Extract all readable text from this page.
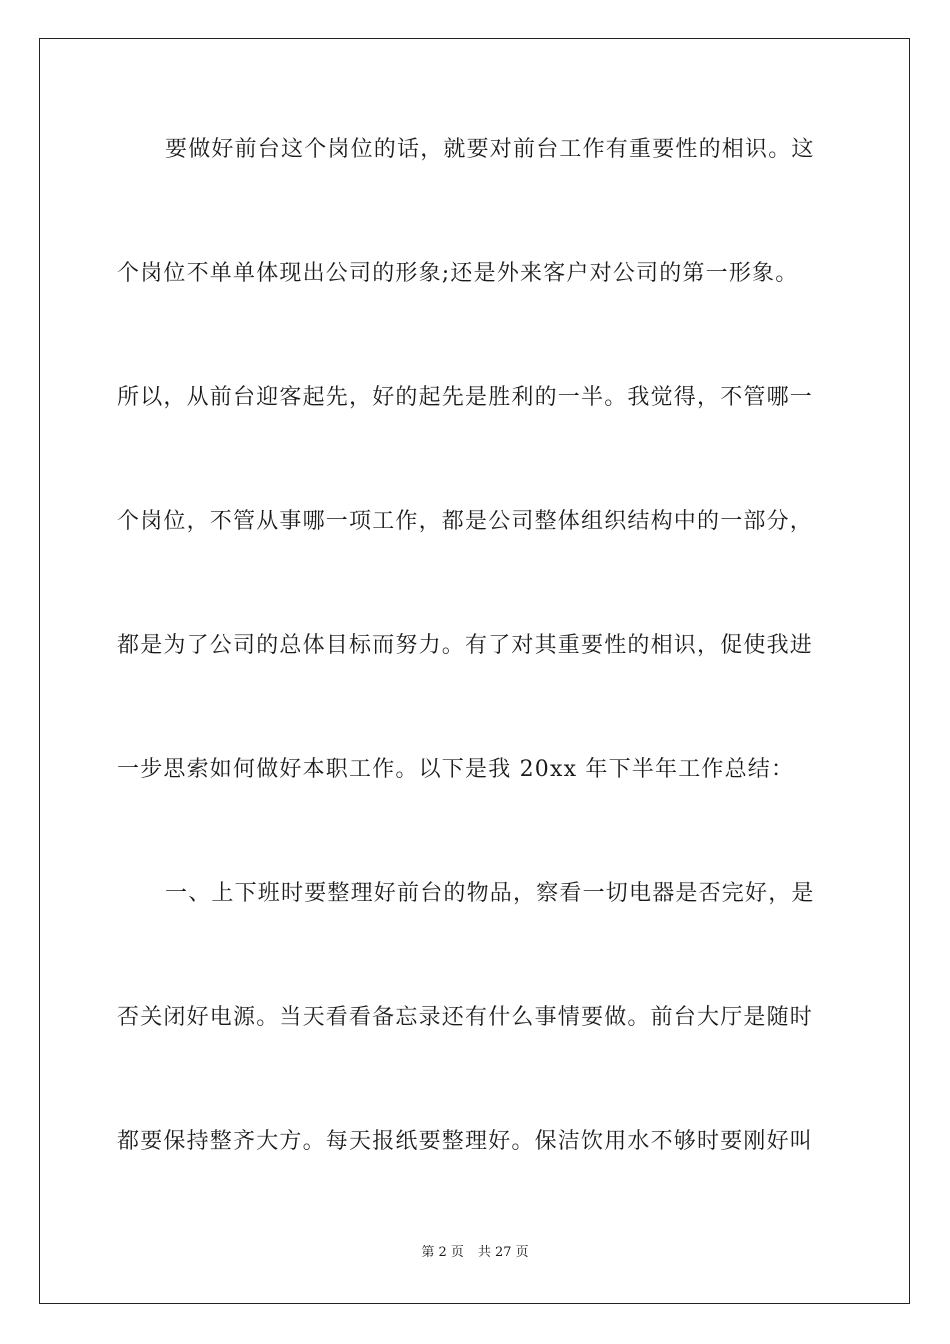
要做好前台这个岗位的话，就要对前台工作有重要性的相识。这
个岗位不单单体现出公司的形象;还是外来客户对公司的第一形象。
所以，从前台迎客起先，好的起先是胜利的一半。我觉得，不管哪一
个岗位，不管从事哪一项工作，都是公司整体组织结构中的一部分，
都是为了公司的总体目标而努力。有了对其重要性的相识，促使我进
一步思索如何做好本职工作。以下是我 20xx 年下半年工作总结：
一、上下班时要整理好前台的物品，察看一切电器是否完好，是
否关闭好电源。当天看看备忘录还有什么事情要做。前台大厅是随时
都要保持整齐大方。每天报纸要整理好。保洁饮用水不够时要刚好叫
第 2 页 共 27 页
